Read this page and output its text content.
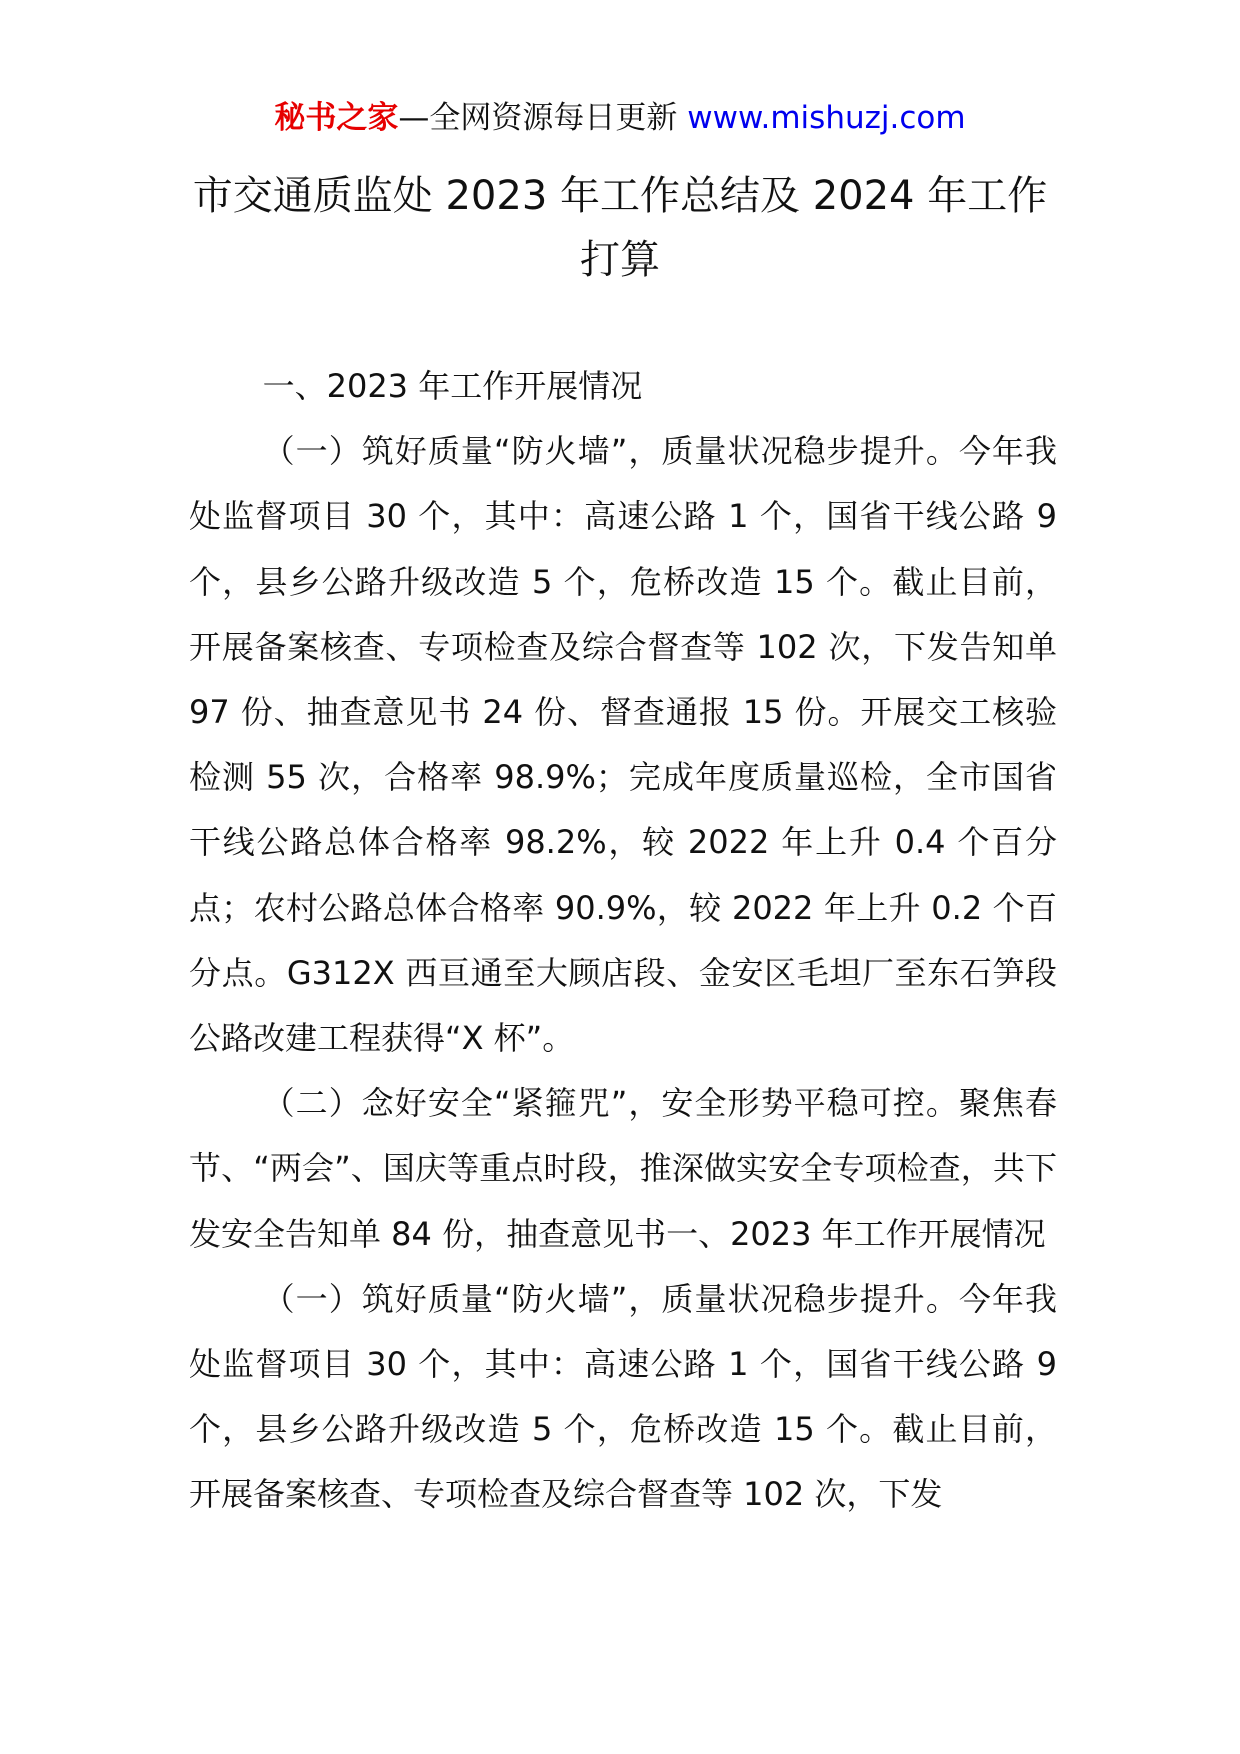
秘书之家—全网资源每日更新 www.mishuzj.com
市交通质监处 2023 年工作总结及 2024 年工作
打算

一、2023 年工作开展情况

（一）筑好质量“防火墙”，质量状况稳步提升。今年我处监督项目 30 个，其中：高速公路 1 个，国省干线公路 9 个，县乡公路升级改造 5 个，危桥改造 15 个。截止目前，开展备案核查、专项检查及综合督查等 102 次，下发告知单 97 份、抽查意见书 24 份、督查通报 15 份。开展交工核验检测 55 次，合格率 98.9%；完成年度质量巡检，全市国省干线公路总体合格率 98.2%，较 2022 年上升 0.4 个百分点；农村公路总体合格率 90.9%，较 2022 年上升 0.2 个百分点。G312X 西亘通至大顾店段、金安区毛坦厂至东石笋段公路改建工程获得“X 杯”。

（二）念好安全“紧箍咒”，安全形势平稳可控。聚焦春节、“两会”、国庆等重点时段，推深做实安全专项检查，共下发安全告知单 84 份，抽查意见书一、2023 年工作开展情况

（一）筑好质量“防火墙”，质量状况稳步提升。今年我处监督项目 30 个，其中：高速公路 1 个，国省干线公路 9 个，县乡公路升级改造 5 个，危桥改造 15 个。截止目前，开展备案核查、专项检查及综合督查等 102 次，下发
